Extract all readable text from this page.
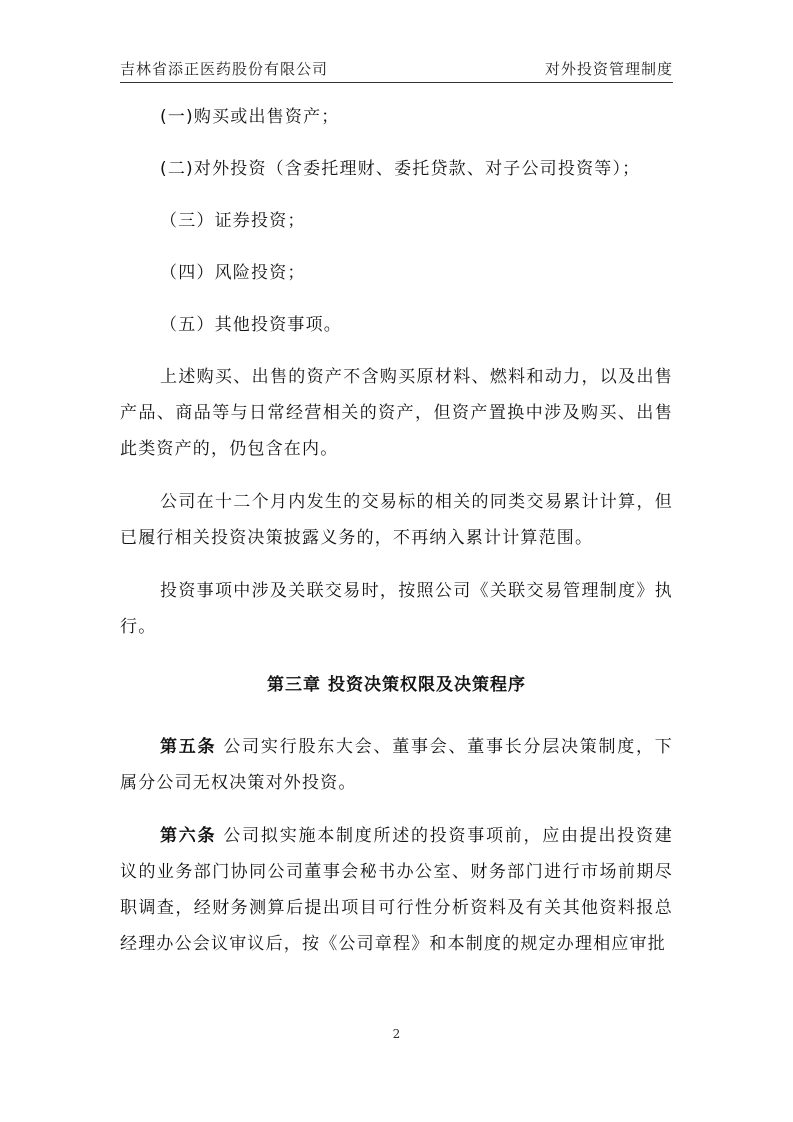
吉林省添正医药股份有限公司	对外投资管理制度
(一)购买或出售资产；
(二)对外投资（含委托理财、委托贷款、对子公司投资等）；
（三）证券投资；
（四）风险投资；
（五）其他投资事项。

上述购买、出售的资产不含购买原材料、燃料和动力，以及出售产品、商品等与日常经营相关的资产，但资产置换中涉及购买、出售此类资产的，仍包含在内。

公司在十二个月内发生的交易标的相关的同类交易累计计算，但已履行相关投资决策披露义务的，不再纳入累计计算范围。

投资事项中涉及关联交易时，按照公司《关联交易管理制度》执行。

第三章 投资决策权限及决策程序

第五条 公司实行股东大会、董事会、董事长分层决策制度，下属分公司无权决策对外投资。

第六条 公司拟实施本制度所述的投资事项前，应由提出投资建议的业务部门协同公司董事会秘书办公室、财务部门进行市场前期尽职调查，经财务测算后提出项目可行性分析资料及有关其他资料报总经理办公会议审议后，按《公司章程》和本制度的规定办理相应审批

2
